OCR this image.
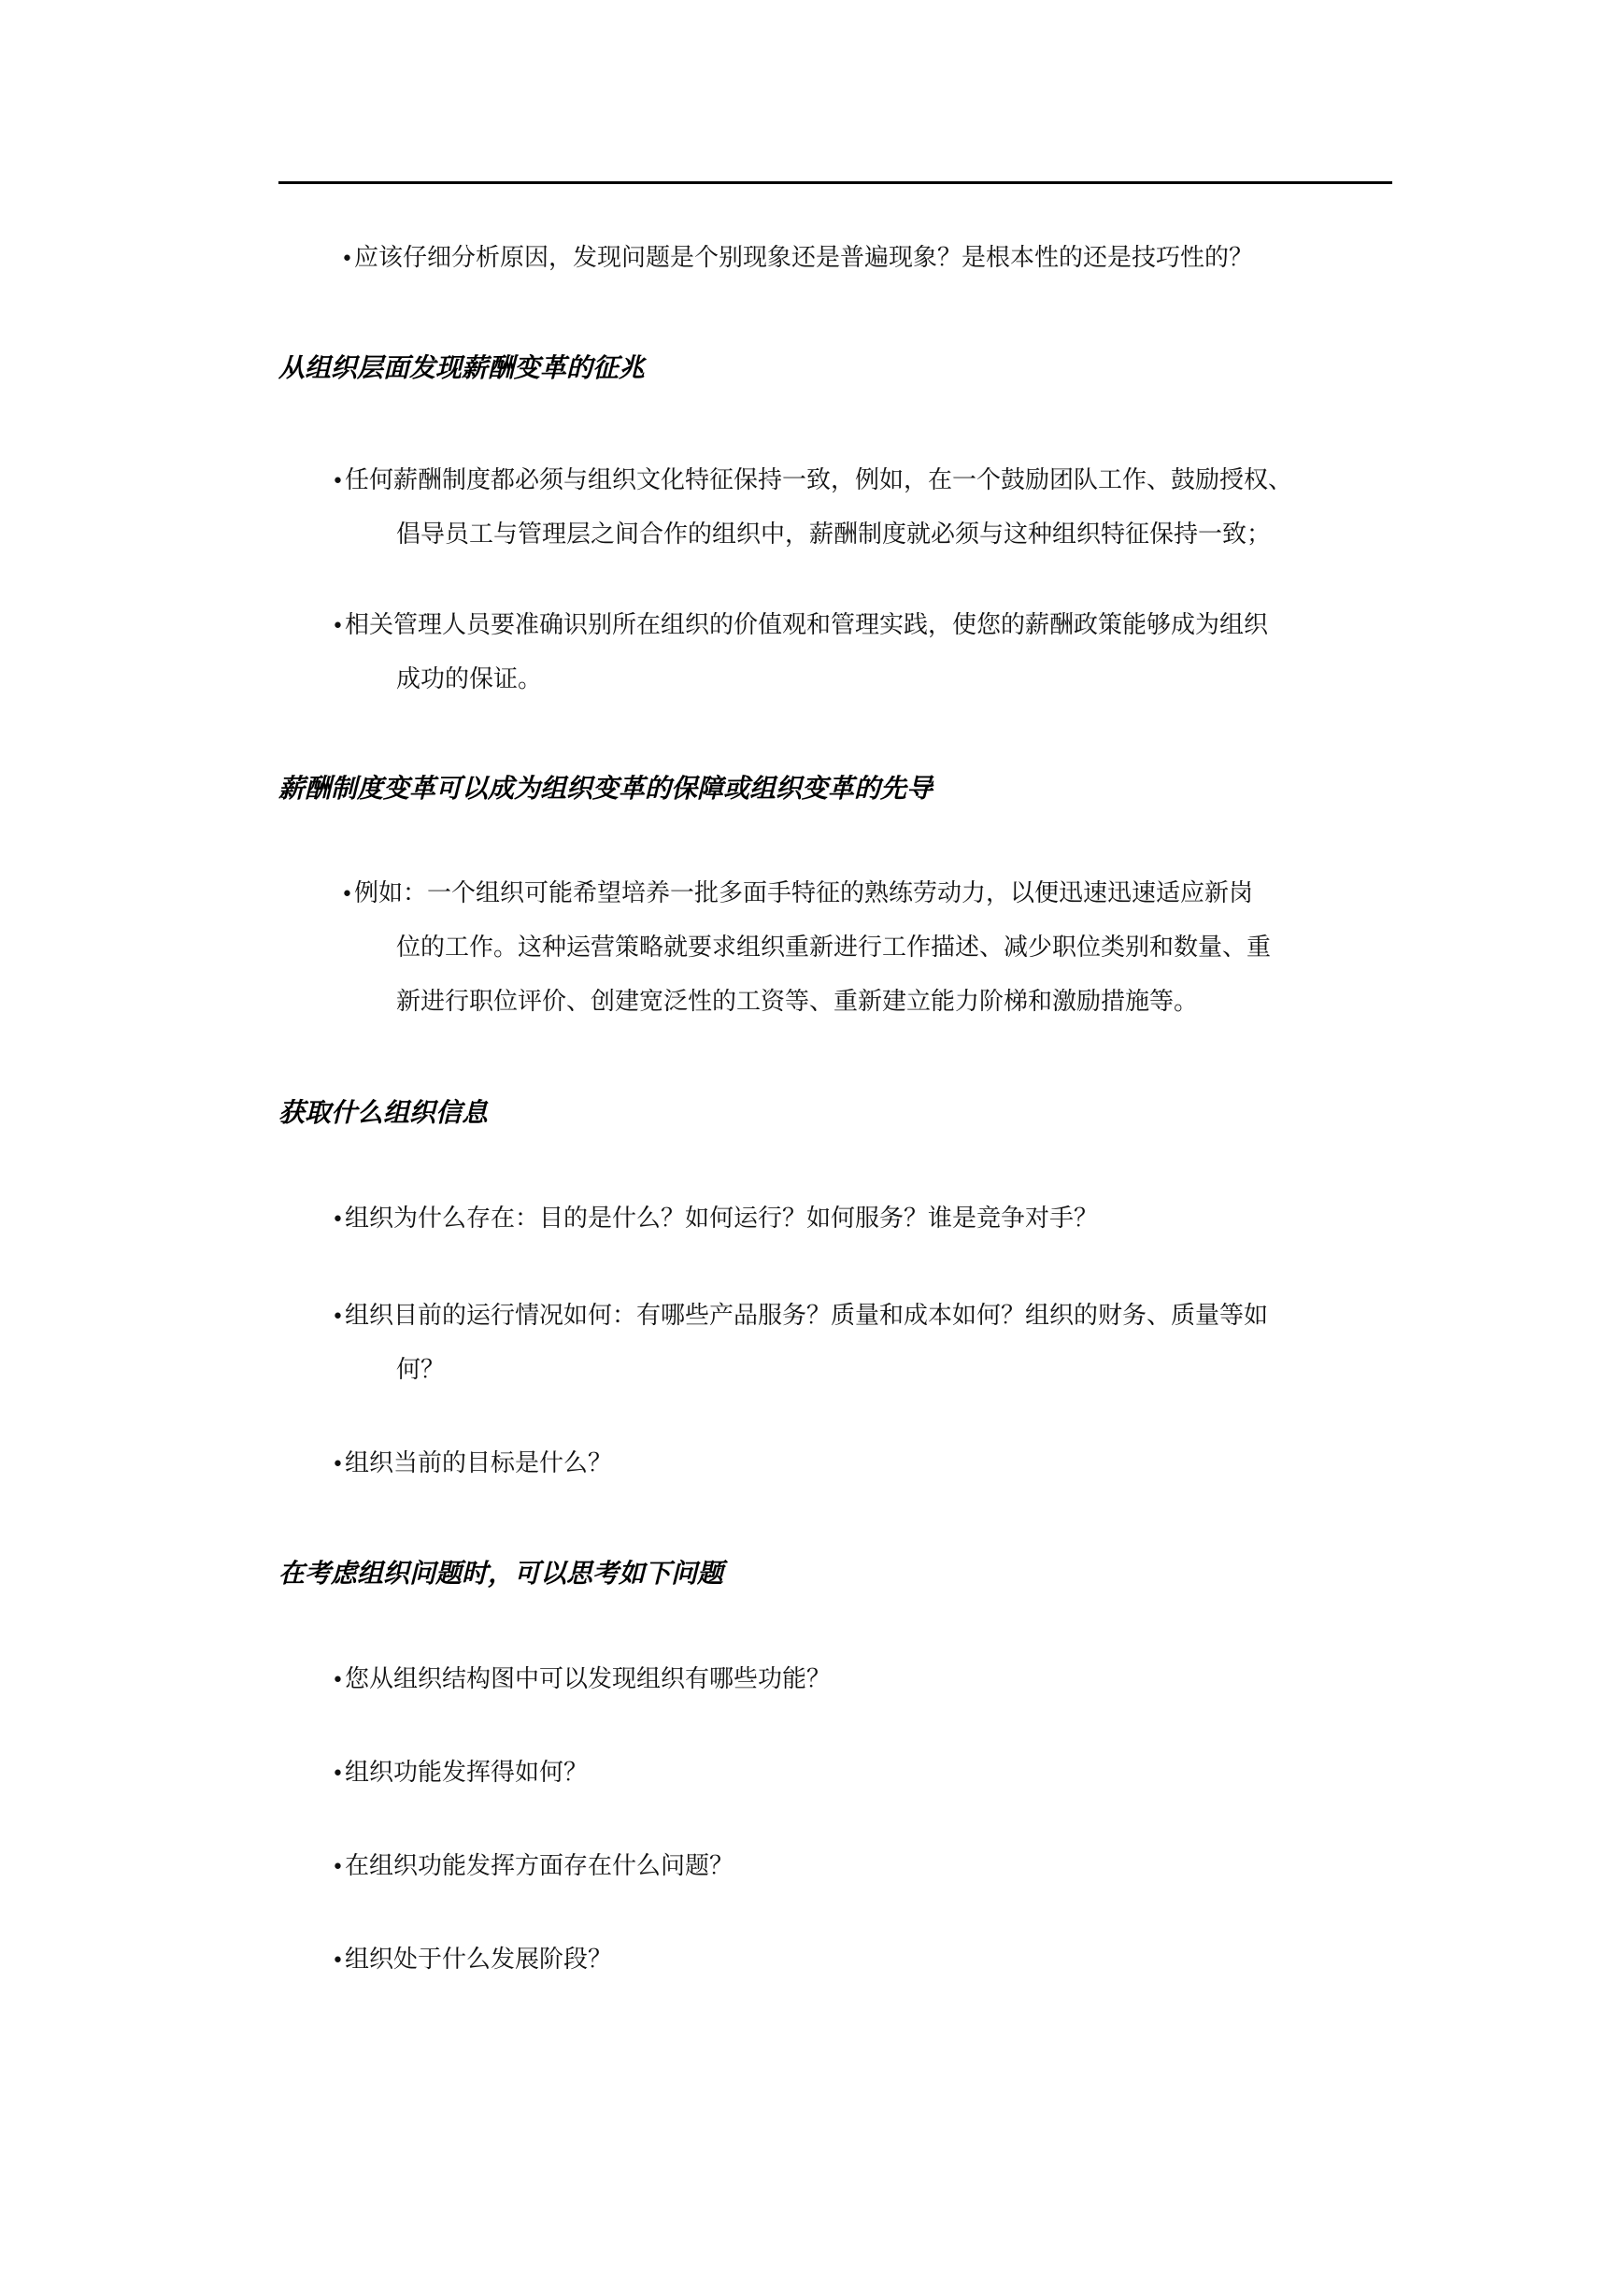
•应该仔细分析原因，发现问题是个别现象还是普遍现象？是根本性的还是技巧性的？
从组织层面发现薪酬变革的征兆
•任何薪酬制度都必须与组织文化特征保持一致，例如，在一个鼓励团队工作、鼓励授权、
倡导员工与管理层之间合作的组织中，薪酬制度就必须与这种组织特征保持一致；
•相关管理人员要准确识别所在组织的价值观和管理实践，使您的薪酬政策能够成为组织
成功的保证。
薪酬制度变革可以成为组织变革的保障或组织变革的先导
•例如：一个组织可能希望培养一批多面手特征的熟练劳动力，以便迅速迅速适应新岗
位的工作。这种运营策略就要求组织重新进行工作描述、减少职位类别和数量、重
新进行职位评价、创建宽泛性的工资等、重新建立能力阶梯和激励措施等。
获取什么组织信息
•组织为什么存在：目的是什么？如何运行？如何服务？谁是竞争对手？
•组织目前的运行情况如何：有哪些产品服务？质量和成本如何？组织的财务、质量等如
何？
•组织当前的目标是什么？
在考虑组织问题时，可以思考如下问题
•您从组织结构图中可以发现组织有哪些功能？
•组织功能发挥得如何？
•在组织功能发挥方面存在什么问题？
•组织处于什么发展阶段？
